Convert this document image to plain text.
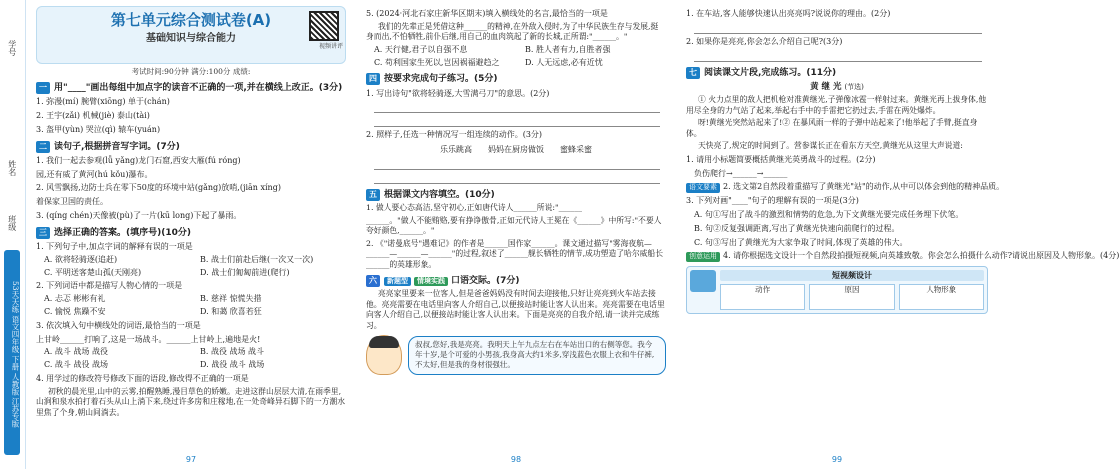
学号
姓名
班级
53天天练 语文四年级 下册 人教版 江苏专版
第七单元综合测试卷(A)
基础知识与综合能力
视频讲评
考试时间:90分钟 满分:100分 成绩:
一 用"____"画出每组中加点字的读音不正确的一项,并在横线上改正。(3分)
1. 弥漫(mí) 腕臂(xiōng) 单于(chán)
2. 王宇(zǎi) 机械(jiè) 泰山(tài)
3. 盔甲(yùn) 哭泣(qì) 辕车(yuán)
二 读句子,根据拼音写字词。(7分)
1. 我们一起去参观(lǚ yǎng)龙门石窟,西安大雁(fú róng)
园,还有威了黄河(hú kǒu)瀑布。
2. 风雪飘扬,边防士兵在零下50度的环境中站(gǎng)放哨,(jiān xíng)
着保家卫国的责任。
3. (qíng chén)天像被(pù)了一片(kū long)下起了暴雨。
三 选择正确的答案。(填序号)(10分)
1. 下列句子中,加点字词的解释有误的一项是
A. 欲将轻骑逐(追赶)	B. 战士们前赴后继(一次又一次)
C. 平明送客楚山孤(天刚亮)	D. 战士们匍匐前进(爬行)
2. 下列词语中都是描写人物心情的一项是
A. 忐忑 彬彬有礼	B. 慈祥 惊慌失措
C. 愉悦 焦躁不安	D. 和蔼 欣喜若狂
3. 依次填入句中横线处的词语,最恰当的一项是
上甘岭______打响了,这是一场战斗。______上甘岭上,遍地是火!
A. 战斗 战场 战役	B. 战役 战场 战斗
C. 战斗 战役 战场	D. 战役 战斗 战场
4. 用学过的修改符号修改下面的语段,修改得不正确的一项是
初秋的晨光里,山中的云雾,拍醒熟睡,漫目草色的娇嫩。走进这群山层层大清,在雨季里,山涧和泉水拍打着石头从山上淌下来,绕过许多房和庄稼地,在一处奇峰异石脚下的一方潮水里焦了个身,朝山间淌去。
97
5. (2024·河北石家庄新华区期末)填入横线处的名言,最恰当的一项是
我们的先辈正是凭借这种______的精神,在外敌入侵时,为了中华民族生存与发展,挺身而出,不怕牺牲,前仆后继,用自己的血肉筑起了新的长城,正所谓:"______。"
A. 天行健,君子以自强不息	B. 胜人者有力,自胜者强
C. 苟利国家生死以,岂因祸福避趋之	D. 人无远虑,必有近忧
四 按要求完成句子练习。(5分)
1. 写出诗句"欲将轻骑逐,大雪满弓刀"的意思。(2分)
2. 照样子,任选一种情况写一组连续的动作。(3分)
乐乐跳高 妈妈在厨房做饭 蜜蜂采蜜
五 根据课文内容填空。(10分)
1. 做人要心态高洁,坚守初心,正如唐代诗人______所说:"______
______。"做人不能贿赂,要有挣诤傲骨,正如元代诗人王冕在《______》中所写:"不要人夸好颜色,______。"
2. 《"诺曼底号"遇难记》的作者是______国作家______。课文通过描写"雾海夜航—______—______—______"的过程,叙述了______舰长牺牲的情节,成功塑造了哈尔威船长______的英雄形象。
六	新题型	情境实践 口语交际。(7分)
亮亮家里要来一位客人,但是爸爸妈妈没有时间去迎接他,只好让亮亮到火车站去接他。亮亮需要在电话里向客人介绍自己,以便接站时能让客人认出来。亮亮需要在电话里向客人介绍自己,以便接站时能让客人认出来。下面是亮亮的自我介绍,请一读并完成练习。
叔叔,您好,我是亮亮。我明天上午九点左右在车站出口的右侧等您。我今年十岁,是个可爱的小男孩,我身高大约1米多,穿浅蓝色衣服上衣和牛仔裤,不太好,但是我的身材很强壮。
98
1. 在车站,客人能够快速认出亮亮吗?说说你的理由。(2分)
2. 如果你是亮亮,你会怎么介绍自己呢?(3分)
七 阅读课文片段,完成练习。(11分)
黄 继 光 (节选)
① 火力点里的敌人把机枪对准黄继光,子弹像冰雹一样射过来。黄继光再上拔身体,他用尽全身的力气站了起来,举起右手中的手雷把它扔过去,手雷在两处爆炸。
呀!黄继光突然站起来了!② 在暴风雨一样的子弹中站起来了!他举起了手臂,挺直身体。
天快亮了,规定的时间到了。营参谋长正在看东方天空,黄继光从这里大声说道:
1. 请用小标题简要概括黄继光英勇战斗的过程。(2分)
负伤爬行→______→______
语文要素 2. 选文第2自然段着重描写了黄继光"站"的动作,从中可以体会到他的精神品质。
3. 下列对画"____"句子的理解有误的一项是(3分)
A. 句①写出了战斗的激烈和情势的危急,为下文黄继光要完成任务埋下伏笔。
B. 句②反复强调距离,写出了黄继光快速向前爬行的过程。
C. 句③写出了黄继光为大家争取了时间,体现了英雄的伟大。
创意运用 4. 请你根据选文设计一个自然段拍摄短视频,向英雄致敬。你会怎么拍摄什么动作?请说出原因及人物形象。(4分)
短视频设计
动作	原因	人物形象
99
